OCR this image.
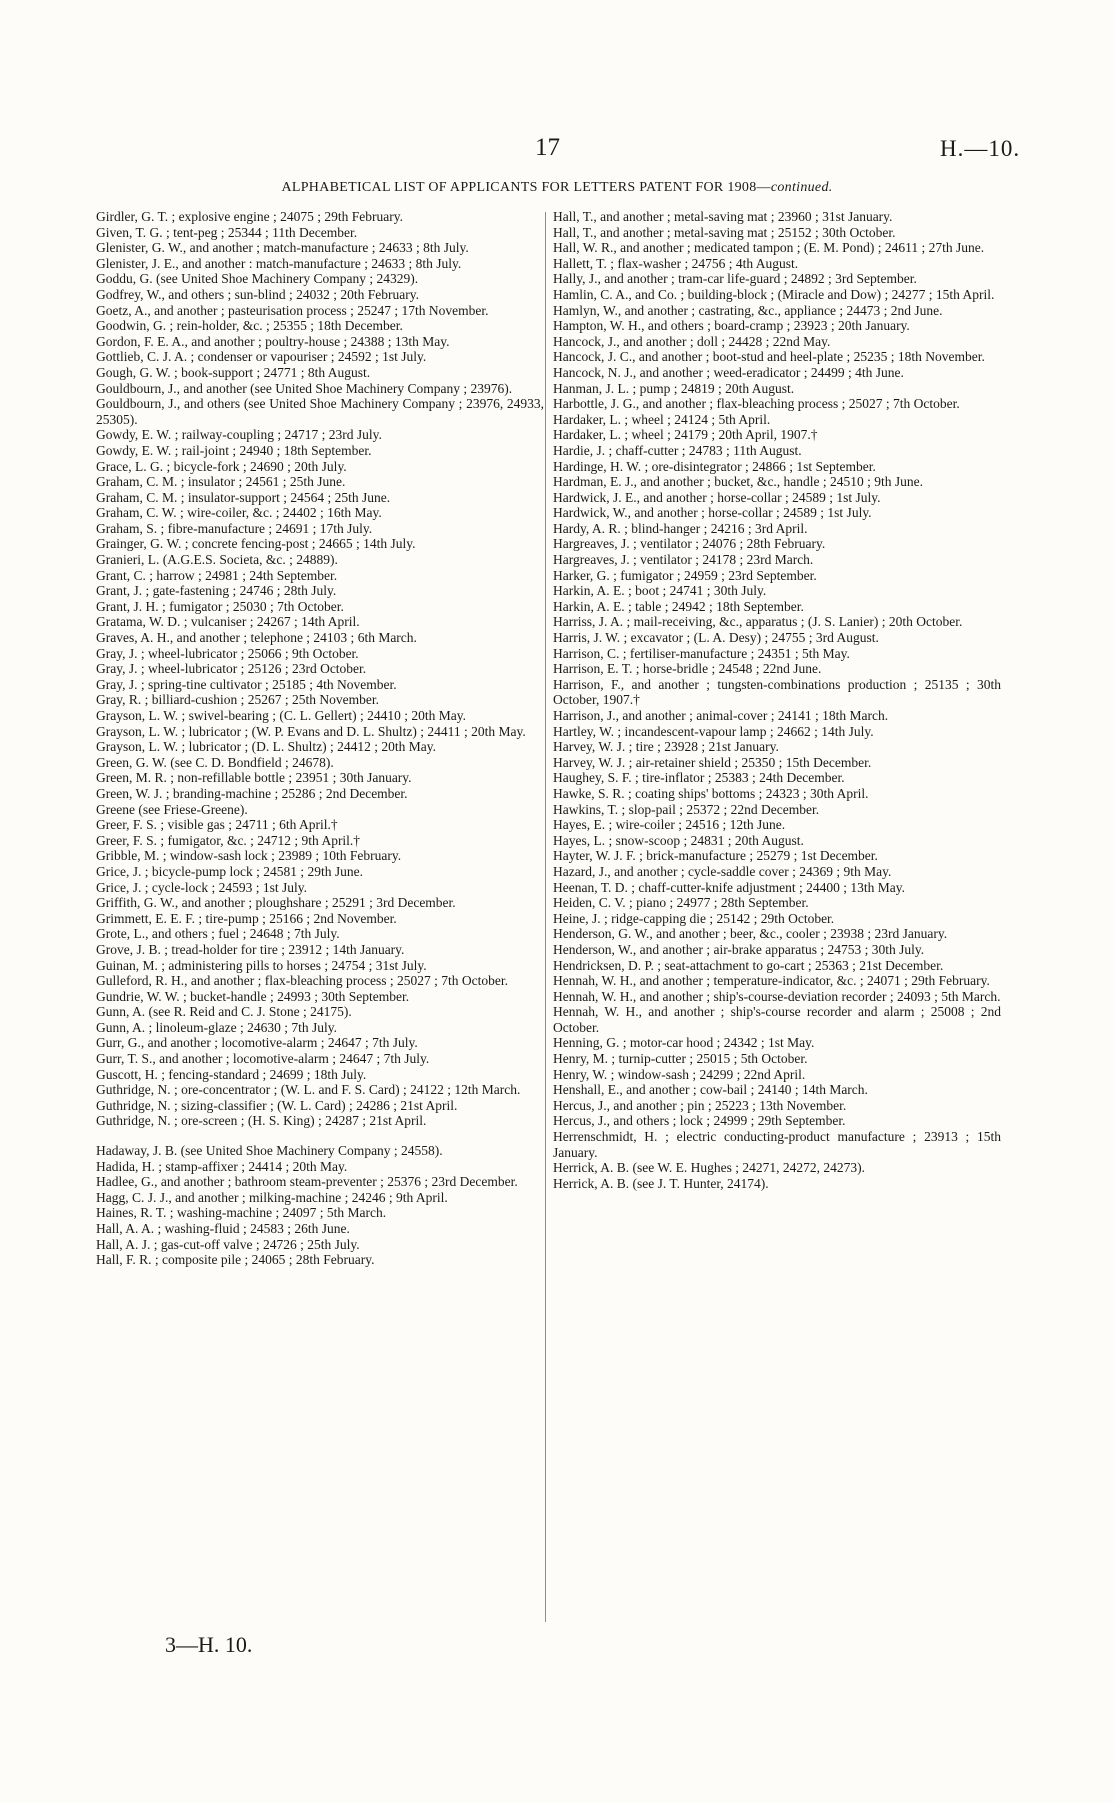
17	H.—10.
ALPHABETICAL LIST OF APPLICANTS FOR LETTERS PATENT FOR 1908—continued.

Girdler, G. T. ; explosive engine ; 24075 ; 29th February.

Given, T. G. ; tent-peg ; 25344 ; 11th December.

Glenister, G. W., and another ; match-manufacture ; 24633 ; 8th July.

Glenister, J. E., and another : match-manufacture ; 24633 ; 8th July.

Goddu, G. (see United Shoe Machinery Company ; 24329).

Godfrey, W., and others ; sun-blind ; 24032 ; 20th February.

Goetz, A., and another ; pasteurisation process ; 25247 ; 17th November.

Goodwin, G. ; rein-holder, &c. ; 25355 ; 18th December.

Gordon, F. E. A., and another ; poultry-house ; 24388 ; 13th May.

Gottlieb, C. J. A. ; condenser or vapouriser ; 24592 ; 1st July.

Gough, G. W. ; book-support ; 24771 ; 8th August.

Gouldbourn, J., and another (see United Shoe Machinery Company ; 23976).

Gouldbourn, J., and others (see United Shoe Machinery Company ; 23976, 24933, 25305).

Gowdy, E. W. ; railway-coupling ; 24717 ; 23rd July.

Gowdy, E. W. ; rail-joint ; 24940 ; 18th September.

Grace, L. G. ; bicycle-fork ; 24690 ; 20th July.

Graham, C. M. ; insulator ; 24561 ; 25th June.

Graham, C. M. ; insulator-support ; 24564 ; 25th June.

Graham, C. W. ; wire-coiler, &c. ; 24402 ; 16th May.

Graham, S. ; fibre-manufacture ; 24691 ; 17th July.

Grainger, G. W. ; concrete fencing-post ; 24665 ; 14th July.

Granieri, L. (A.G.E.S. Societa, &c. ; 24889).

Grant, C. ; harrow ; 24981 ; 24th September.

Grant, J. ; gate-fastening ; 24746 ; 28th July.

Grant, J. H. ; fumigator ; 25030 ; 7th October.

Gratama, W. D. ; vulcaniser ; 24267 ; 14th April.

Graves, A. H., and another ; telephone ; 24103 ; 6th March.

Gray, J. ; wheel-lubricator ; 25066 ; 9th October.

Gray, J. ; wheel-lubricator ; 25126 ; 23rd October.

Gray, J. ; spring-tine cultivator ; 25185 ; 4th November.

Gray, R. ; billiard-cushion ; 25267 ; 25th November.

Grayson, L. W. ; swivel-bearing ; (C. L. Gellert) ; 24410 ; 20th May.

Grayson, L. W. ; lubricator ; (W. P. Evans and D. L. Shultz) ; 24411 ; 20th May.

Grayson, L. W. ; lubricator ; (D. L. Shultz) ; 24412 ; 20th May.

Green, G. W. (see C. D. Bondfield ; 24678).

Green, M. R. ; non-refillable bottle ; 23951 ; 30th January.

Green, W. J. ; branding-machine ; 25286 ; 2nd December.

Greene (see Friese-Greene).

Greer, F. S. ; visible gas ; 24711 ; 6th April.†

Greer, F. S. ; fumigator, &c. ; 24712 ; 9th April.†

Gribble, M. ; window-sash lock ; 23989 ; 10th February.

Grice, J. ; bicycle-pump lock ; 24581 ; 29th June.

Grice, J. ; cycle-lock ; 24593 ; 1st July.

Griffith, G. W., and another ; ploughshare ; 25291 ; 3rd December.

Grimmett, E. E. F. ; tire-pump ; 25166 ; 2nd November.

Grote, L., and others ; fuel ; 24648 ; 7th July.

Grove, J. B. ; tread-holder for tire ; 23912 ; 14th January.

Guinan, M. ; administering pills to horses ; 24754 ; 31st July.

Gulleford, R. H., and another ; flax-bleaching process ; 25027 ; 7th October.

Gundrie, W. W. ; bucket-handle ; 24993 ; 30th September.

Gunn, A. (see R. Reid and C. J. Stone ; 24175).

Gunn, A. ; linoleum-glaze ; 24630 ; 7th July.

Gurr, G., and another ; locomotive-alarm ; 24647 ; 7th July.

Gurr, T. S., and another ; locomotive-alarm ; 24647 ; 7th July.

Guscott, H. ; fencing-standard ; 24699 ; 18th July.

Guthridge, N. ; ore-concentrator ; (W. L. and F. S. Card) ; 24122 ; 12th March.

Guthridge, N. ; sizing-classifier ; (W. L. Card) ; 24286 ; 21st April.

Guthridge, N. ; ore-screen ; (H. S. King) ; 24287 ; 21st April.

Hadaway, J. B. (see United Shoe Machinery Company ; 24558).

Hadida, H. ; stamp-affixer ; 24414 ; 20th May.

Hadlee, G., and another ; bathroom steam-preventer ; 25376 ; 23rd December.

Hagg, C. J. J., and another ; milking-machine ; 24246 ; 9th April.

Haines, R. T. ; washing-machine ; 24097 ; 5th March.

Hall, A. A. ; washing-fluid ; 24583 ; 26th June.

Hall, A. J. ; gas-cut-off valve ; 24726 ; 25th July.

Hall, F. R. ; composite pile ; 24065 ; 28th February.

Hall, T., and another ; metal-saving mat ; 23960 ; 31st January.

Hall, T., and another ; metal-saving mat ; 25152 ; 30th October.

Hall, W. R., and another ; medicated tampon ; (E. M. Pond) ; 24611 ; 27th June.

Hallett, T. ; flax-washer ; 24756 ; 4th August.

Hally, J., and another ; tram-car life-guard ; 24892 ; 3rd September.

Hamlin, C. A., and Co. ; building-block ; (Miracle and Dow) ; 24277 ; 15th April.

Hamlyn, W., and another ; castrating, &c., appliance ; 24473 ; 2nd June.

Hampton, W. H., and others ; board-cramp ; 23923 ; 20th January.

Hancock, J., and another ; doll ; 24428 ; 22nd May.

Hancock, J. C., and another ; boot-stud and heel-plate ; 25235 ; 18th November.

Hancock, N. J., and another ; weed-eradicator ; 24499 ; 4th June.

Hanman, J. L. ; pump ; 24819 ; 20th August.

Harbottle, J. G., and another ; flax-bleaching process ; 25027 ; 7th October.

Hardaker, L. ; wheel ; 24124 ; 5th April.

Hardaker, L. ; wheel ; 24179 ; 20th April, 1907.†

Hardie, J. ; chaff-cutter ; 24783 ; 11th August.

Hardinge, H. W. ; ore-disintegrator ; 24866 ; 1st September.

Hardman, E. J., and another ; bucket, &c., handle ; 24510 ; 9th June.

Hardwick, J. E., and another ; horse-collar ; 24589 ; 1st July.

Hardwick, W., and another ; horse-collar ; 24589 ; 1st July.

Hardy, A. R. ; blind-hanger ; 24216 ; 3rd April.

Hargreaves, J. ; ventilator ; 24076 ; 28th February.

Hargreaves, J. ; ventilator ; 24178 ; 23rd March.

Harker, G. ; fumigator ; 24959 ; 23rd September.

Harkin, A. E. ; boot ; 24741 ; 30th July.

Harkin, A. E. ; table ; 24942 ; 18th September.

Harriss, J. A. ; mail-receiving, &c., apparatus ; (J. S. Lanier) ; 20th October.

Harris, J. W. ; excavator ; (L. A. Desy) ; 24755 ; 3rd August.

Harrison, C. ; fertiliser-manufacture ; 24351 ; 5th May.

Harrison, E. T. ; horse-bridle ; 24548 ; 22nd June.

Harrison, F., and another ; tungsten-combinations production ; 25135 ; 30th October, 1907.†

Harrison, J., and another ; animal-cover ; 24141 ; 18th March.

Hartley, W. ; incandescent-vapour lamp ; 24662 ; 14th July.

Harvey, W. J. ; tire ; 23928 ; 21st January.

Harvey, W. J. ; air-retainer shield ; 25350 ; 15th December.

Haughey, S. F. ; tire-inflator ; 25383 ; 24th December.

Hawke, S. R. ; coating ships' bottoms ; 24323 ; 30th April.

Hawkins, T. ; slop-pail ; 25372 ; 22nd December.

Hayes, E. ; wire-coiler ; 24516 ; 12th June.

Hayes, L. ; snow-scoop ; 24831 ; 20th August.

Hayter, W. J. F. ; brick-manufacture ; 25279 ; 1st December.

Hazard, J., and another ; cycle-saddle cover ; 24369 ; 9th May.

Heenan, T. D. ; chaff-cutter-knife adjustment ; 24400 ; 13th May.

Heiden, C. V. ; piano ; 24977 ; 28th September.

Heine, J. ; ridge-capping die ; 25142 ; 29th October.

Henderson, G. W., and another ; beer, &c., cooler ; 23938 ; 23rd January.

Henderson, W., and another ; air-brake apparatus ; 24753 ; 30th July.

Hendricksen, D. P. ; seat-attachment to go-cart ; 25363 ; 21st December.

Hennah, W. H., and another ; temperature-indicator, &c. ; 24071 ; 29th February.

Hennah, W. H., and another ; ship's-course-deviation recorder ; 24093 ; 5th March.

Hennah, W. H., and another ; ship's-course recorder and alarm ; 25008 ; 2nd October.

Henning, G. ; motor-car hood ; 24342 ; 1st May.

Henry, M. ; turnip-cutter ; 25015 ; 5th October.

Henry, W. ; window-sash ; 24299 ; 22nd April.

Henshall, E., and another ; cow-bail ; 24140 ; 14th March.

Hercus, J., and another ; pin ; 25223 ; 13th November.

Hercus, J., and others ; lock ; 24999 ; 29th September.

Herrenschmidt, H. ; electric conducting-product manufacture ; 23913 ; 15th January.

Herrick, A. B. (see W. E. Hughes ; 24271, 24272, 24273).

Herrick, A. B. (see J. T. Hunter, 24174).

3—H. 10.
